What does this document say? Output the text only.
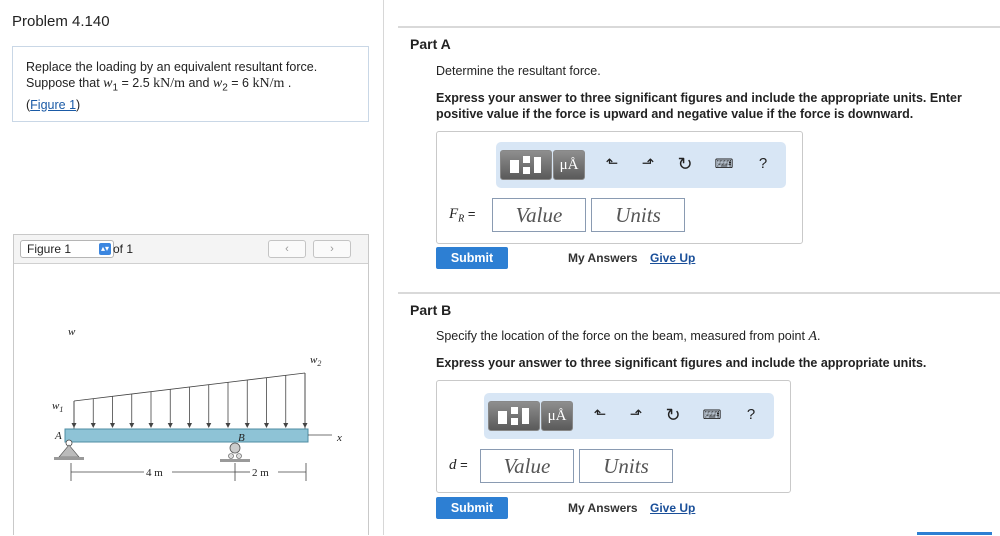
Problem 4.140
Replace the loading by an equivalent resultant force.
Suppose that $w_1 = 2.5$ kN/m and $w_2 = 6$ kN/m .
(Figure 1)
Figure 1	▴▾ of 1	‹	›
w
$w_1$
$w_2$
x
A	B
4 m	2 m
Part A
Determine the resultant force.
Express your answer to three significant figures and include the appropriate units. Enter positive value if the force is upward and negative value if the force is downward.
μÅ	⬑	⬏	↻	⌨	?
$F_R$ =	Value	Units
Submit	My Answers Give Up
Part B
Specify the location of the force on the beam, measured from point A.
Express your answer to three significant figures and include the appropriate units.
μÅ	⬑	⬏	↻	⌨	?
d =	Value	Units
Submit	My Answers Give Up
